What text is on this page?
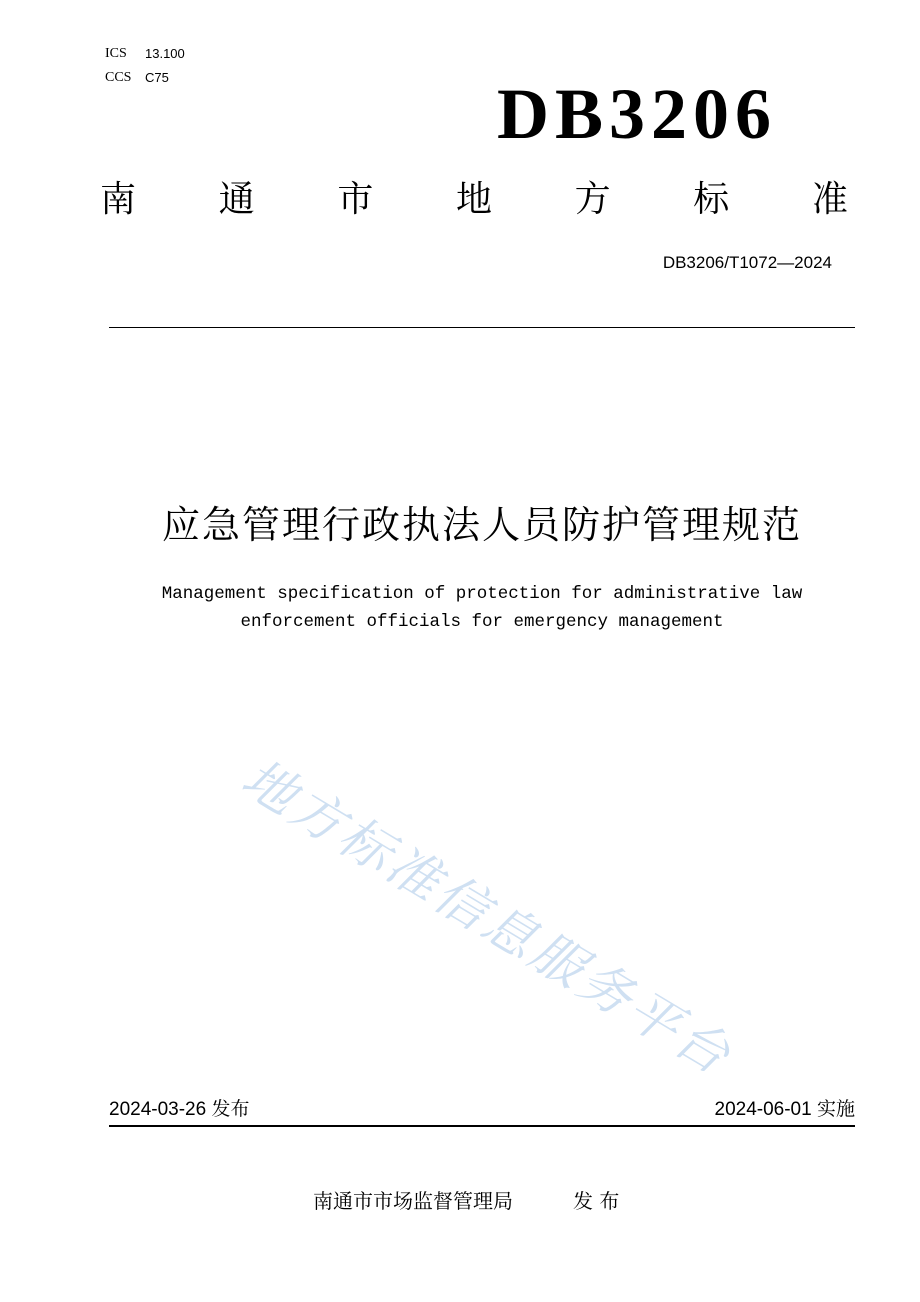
ICS	13.100
CCS	C75	DB3206
南 通 市 地 方 标 准
DB3206/T1072—2024
应急管理行政执法人员防护管理规范
Management specification of protection for administrative law
enforcement officials for emergency management
地方标准信息服务平台
2024-03-26 发布	2024-06-01 实施
南通市市场监督管理局	发 布
